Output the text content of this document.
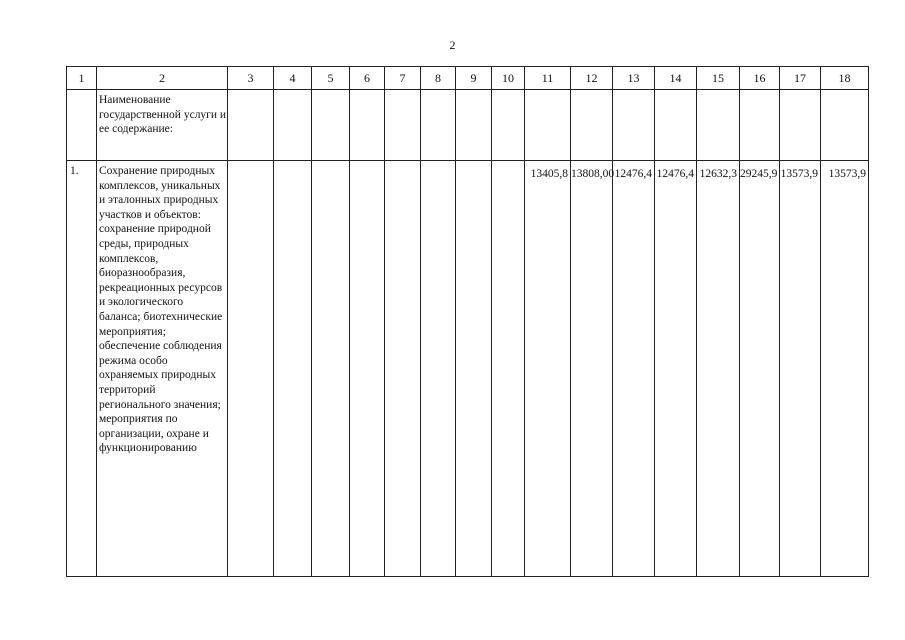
2
1	2	3	4	5	6	7	8	9	10	11	12	13	14	15	16	17	18
	Наименование государственной услуги и ее содержание:																
1.	Сохранение природных комплексов, уникальных и эталонных природных участков и объектов: сохранение природной среды, природных комплексов, биоразнообразия, рекреационных ресурсов и экологического баланса; биотехнические мероприятия; обеспечение соблюдения режима особо охраняемых природных территорий регионального значения; мероприятия по организации, охране и функционированию									13405,8	13808,00	12476,4	12476,4	12632,3	29245,9	13573,9	13573,9
